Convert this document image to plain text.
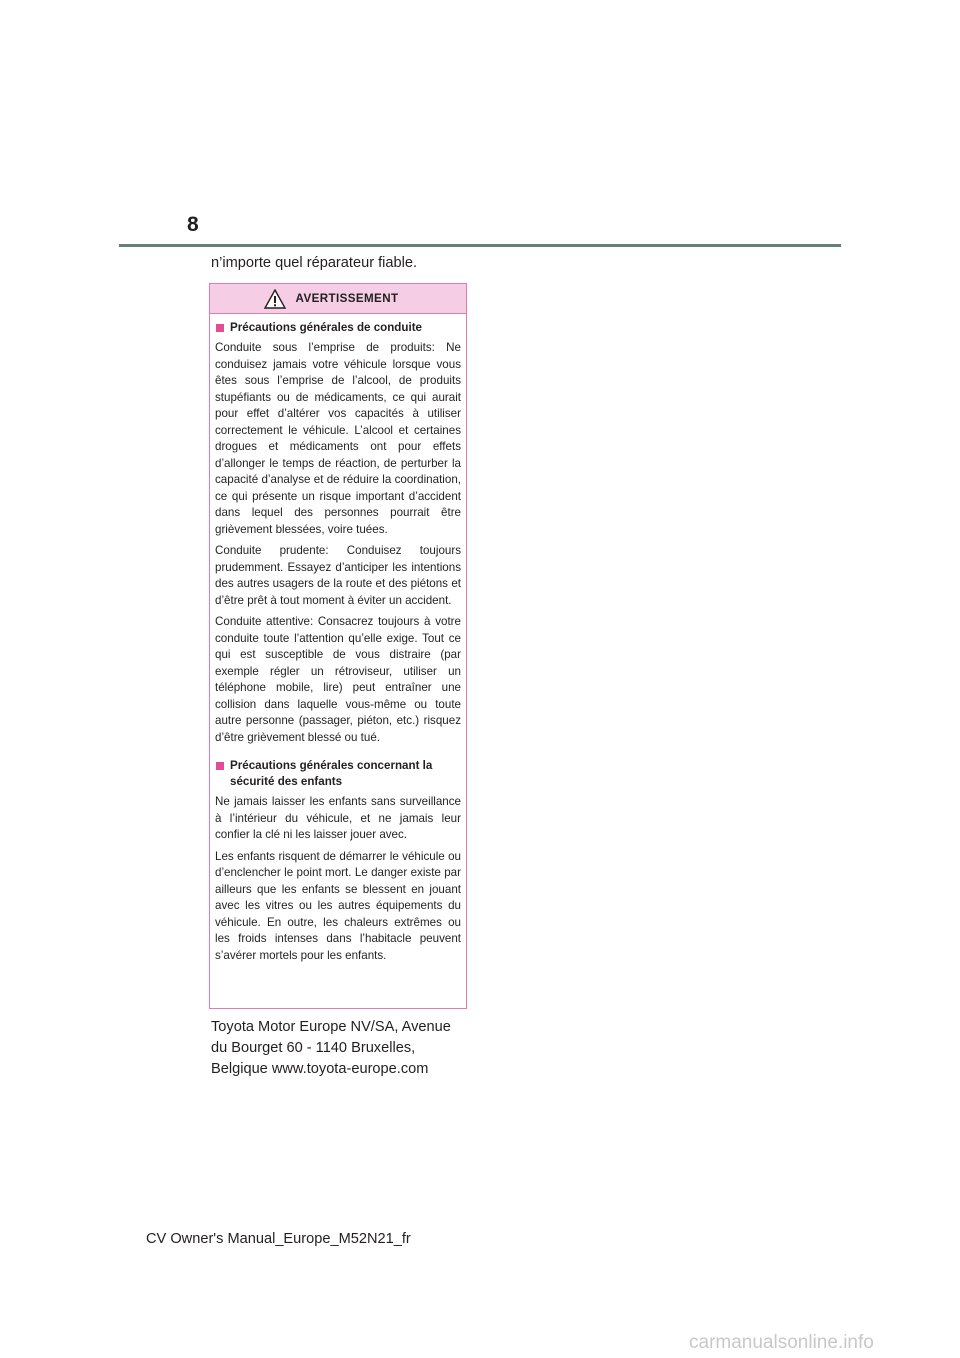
8
n’importe quel réparateur fiable.
AVERTISSEMENT
Précautions générales de conduite

Conduite sous l’emprise de produits: Ne conduisez jamais votre véhicule lorsque vous êtes sous l’emprise de l’alcool, de produits stupéfiants ou de médicaments, ce qui aurait pour effet d’altérer vos capacités à utiliser correctement le véhicule. L’alcool et certaines drogues et médicaments ont pour effets d’allonger le temps de réaction, de perturber la capacité d’analyse et de réduire la coordination, ce qui présente un risque important d’accident dans lequel des personnes pourrait être grièvement blessées, voire tuées.

Conduite prudente: Conduisez toujours prudemment. Essayez d’anticiper les intentions des autres usagers de la route et des piétons et d’être prêt à tout moment à éviter un accident.

Conduite attentive: Consacrez toujours à votre conduite toute l’attention qu’elle exige. Tout ce qui est susceptible de vous distraire (par exemple régler un rétroviseur, utiliser un téléphone mobile, lire) peut entraîner une collision dans laquelle vous-même ou toute autre personne (passager, piéton, etc.) risquez d’être grièvement blessé ou tué.

Précautions générales concernant la sécurité des enfants

Ne jamais laisser les enfants sans surveillance à l’intérieur du véhicule, et ne jamais leur confier la clé ni les laisser jouer avec.

Les enfants risquent de démarrer le véhicule ou d’enclencher le point mort. Le danger existe par ailleurs que les enfants se blessent en jouant avec les vitres ou les autres équipements du véhicule. En outre, les chaleurs extrêmes ou les froids intenses dans l’habitacle peuvent s’avérer mortels pour les enfants.

Toyota Motor Europe NV/SA, Avenue du Bourget 60 - 1140 Bruxelles, Belgique www.toyota-europe.com
CV Owner's Manual_Europe_M52N21_fr
carmanualsonline.info
